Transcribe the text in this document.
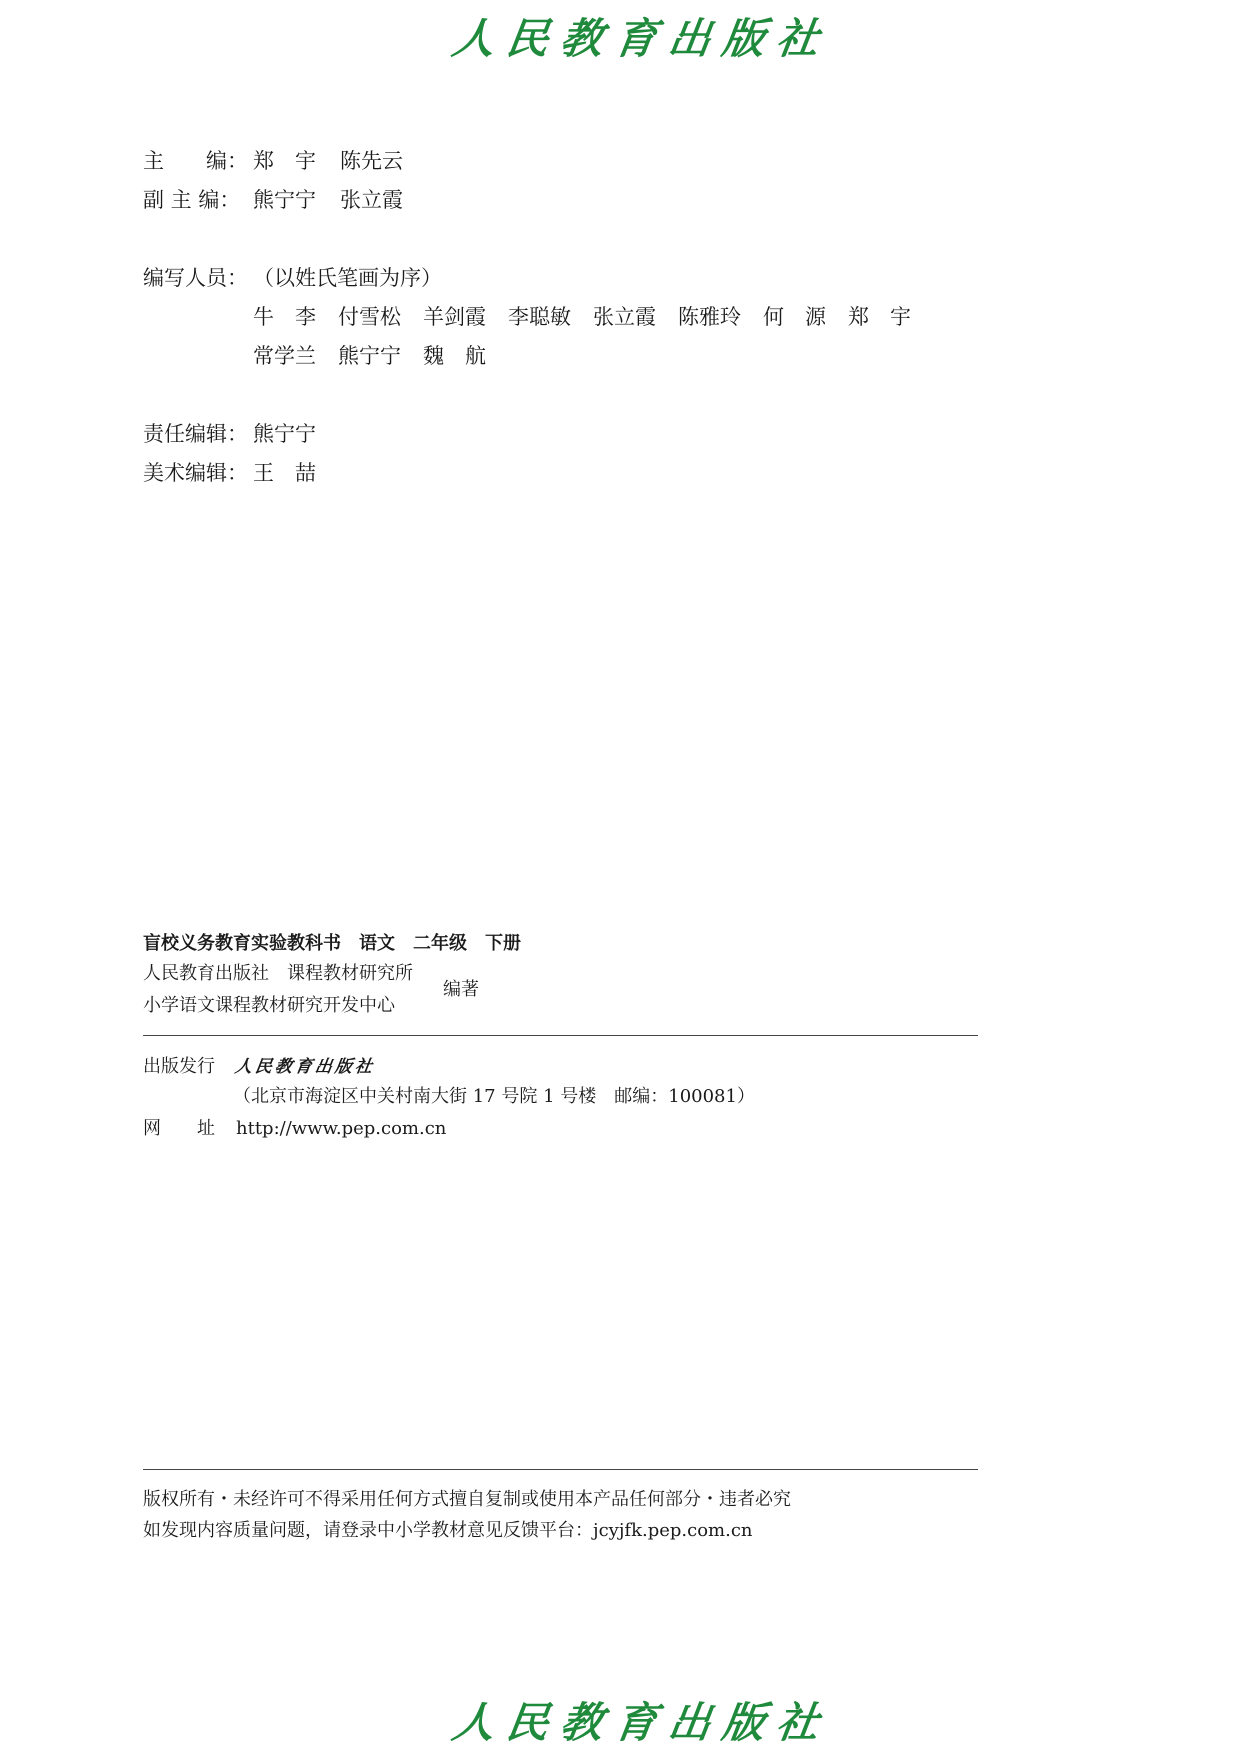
人民教育出版社
主　　编： 郑　宇 陈先云
副 主 编： 熊宁宁 张立霞
编写人员： （以姓氏笔画为序）
牛　李 付雪松 羊剑霞 李聪敏 张立霞 陈雅玲 何　源 郑　宇
常学兰 熊宁宁 魏　航
责任编辑： 熊宁宁
美术编辑： 王　喆
盲校义务教育实验教科书　语文　二年级　下册
人民教育出版社　课程教材研究所
小学语文课程教材研究开发中心
编著
出版发行 人民教育出版社
（北京市海淀区中关村南大街 17 号院 1 号楼　邮编：100081）
网　　址 http://www.pep.com.cn
版权所有・未经许可不得采用任何方式擅自复制或使用本产品任何部分・违者必究
如发现内容质量问题，请登录中小学教材意见反馈平台：jcyjfk.pep.com.cn
人民教育出版社
